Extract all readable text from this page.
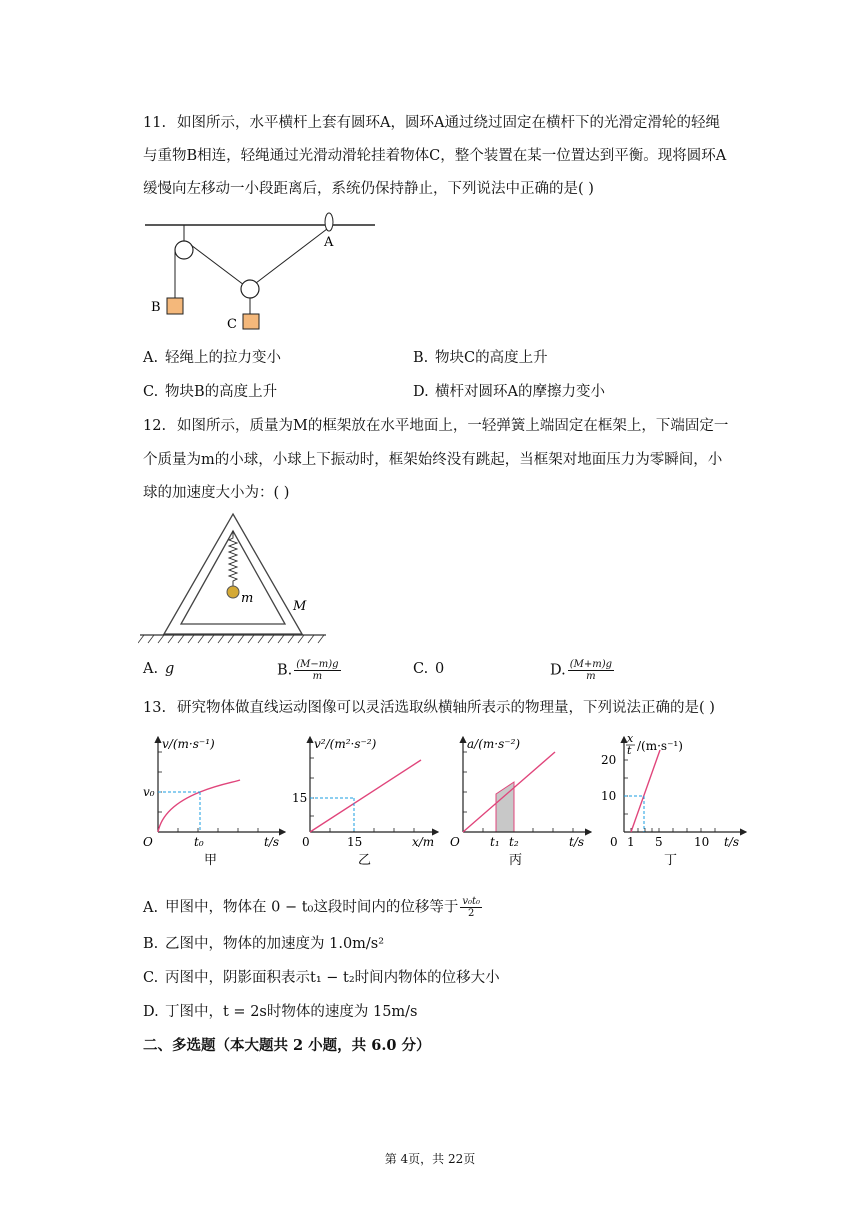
11. 如图所示，水平横杆上套有圆环A，圆环A通过绕过固定在横杆下的光滑定滑轮的轻绳
与重物B相连，轻绳通过光滑动滑轮挂着物体C，整个装置在某一位置达到平衡。现将圆环A
缓慢向左移动一小段距离后，系统仍保持静止，下列说法中正确的是( )
A
B
C
A. 轻绳上的拉力变小	B. 物块C的高度上升
C. 物块B的高度上升	D. 横杆对圆环A的摩擦力变小
12. 如图所示，质量为M的框架放在水平地面上，一轻弹簧上端固定在框架上，下端固定一
个质量为m的小球，小球上下振动时，框架始终没有跳起，当框架对地面压力为零瞬间，小
球的加速度大小为：( )
m
M
A. g	B. $\frac{(M-m)g}{m}$	C. 0	D. $\frac{(M+m)g}{m}$
13. 研究物体做直线运动图像可以灵活选取纵横轴所表示的物理量，下列说法正确的是( )
v/(m·s⁻¹)
v₀
O	t₀	t/s
甲
v²/(m²·s⁻²)
15
0	15	x/m
乙
a/(m·s⁻²)
O	t₁ t₂	t/s
丙
x
t /(m·s⁻¹)
20
10
0 1 5	10 t/s
丁
A. 甲图中，物体在 0 − t₀这段时间内的位移等于 $\frac{\text{v₀t₀}}{2}$
B. 乙图中，物体的加速度为 1.0m/s²
C. 丙图中，阴影面积表示t₁ − t₂时间内物体的位移大小
D. 丁图中，t = 2s时物体的速度为 15m/s
二、多选题（本大题共 2 小题，共 6.0 分）
第 4页，共 22页
